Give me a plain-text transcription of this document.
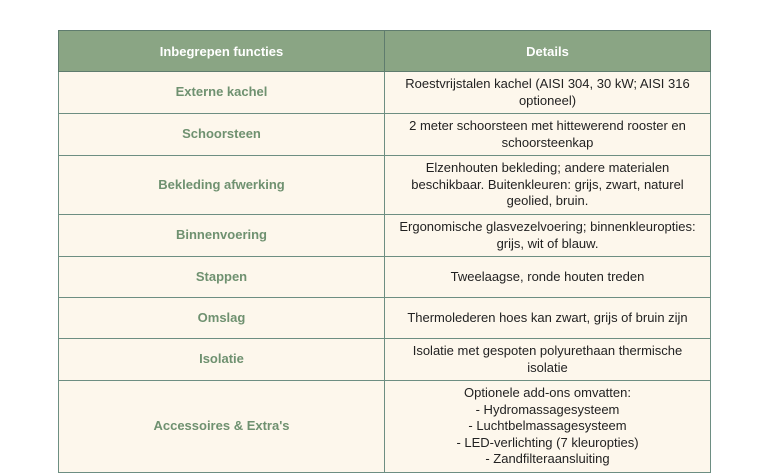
Inbegrepen functies	Details
Externe kachel	Roestvrijstalen kachel (AISI 304, 30 kW; AISI 316
optioneel)

Schoorsteen	2 meter schoorsteen met hittewerend rooster en
schoorsteenkap

Bekleding afwerking	Elzenhouten bekleding; andere materialen
beschikbaar. Buitenkleuren: grijs, zwart, naturel
geolied, bruin.

Binnenvoering	Ergonomische glasvezelvoering; binnenkleuropties:
grijs, wit of blauw.

Stappen	Tweelaagse, ronde houten treden

Omslag	Thermolederen hoes kan zwart, grijs of bruin zijn

Isolatie	Isolatie met gespoten polyurethaan thermische
isolatie

Accessoires & Extra's	Optionele add-ons omvatten:
- Hydromassagesysteem
- Luchtbelmassagesysteem
- LED-verlichting (7 kleuropties)
- Zandfilteraansluiting
